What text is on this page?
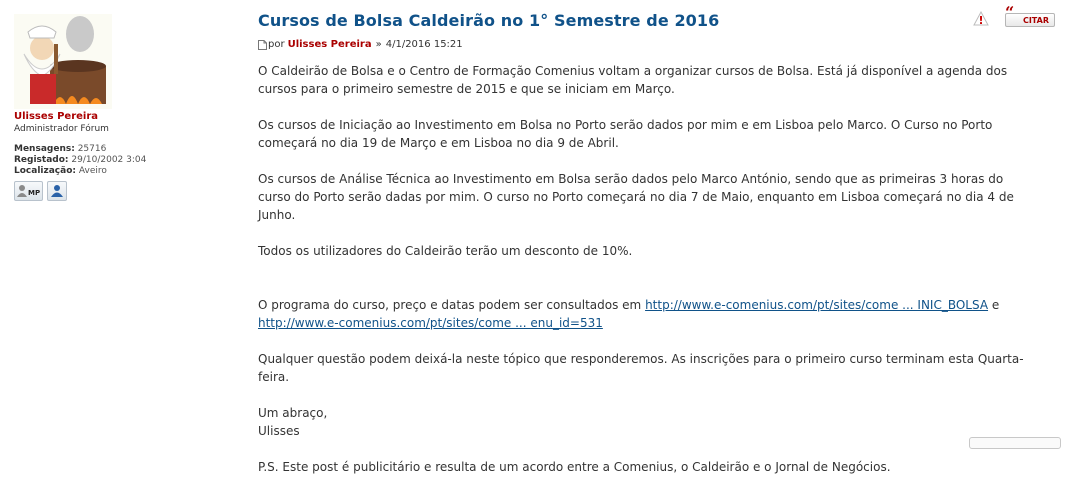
Ulisses Pereira
Administrador Fórum
Mensagens: 25716
Registado: 29/10/2002 3:04
Localização: Aveiro
MP
! “ CITAR
Cursos de Bolsa Caldeirão no 1° Semestre de 2016
por Ulisses Pereira » 4/1/2016 15:21

O Caldeirão de Bolsa e o Centro de Formação Comenius voltam a organizar cursos de Bolsa. Está já disponível a agenda dos cursos para o primeiro semestre de 2015 e que se iniciam em Março.

Os cursos de Iniciação ao Investimento em Bolsa no Porto serão dados por mim e em Lisboa pelo Marco. O Curso no Porto começará no dia 19 de Março e em Lisboa no dia 9 de Abril.

Os cursos de Análise Técnica ao Investimento em Bolsa serão dados pelo Marco António, sendo que as primeiras 3 horas do curso do Porto serão dadas por mim. O curso no Porto começará no dia 7 de Maio, enquanto em Lisboa começará no dia 4 de Junho.

Todos os utilizadores do Caldeirão terão um desconto de 10%.

O programa do curso, preço e datas podem ser consultados em http://www.e-comenius.com/pt/sites/come ... INIC_BOLSA e http://www.e-comenius.com/pt/sites/come ... enu_id=531

Qualquer questão podem deixá-la neste tópico que responderemos. As inscrições para o primeiro curso terminam esta Quarta-feira.

Um abraço,
Ulisses

P.S. Este post é publicitário e resulta de um acordo entre a Comenius, o Caldeirão e o Jornal de Negócios.
